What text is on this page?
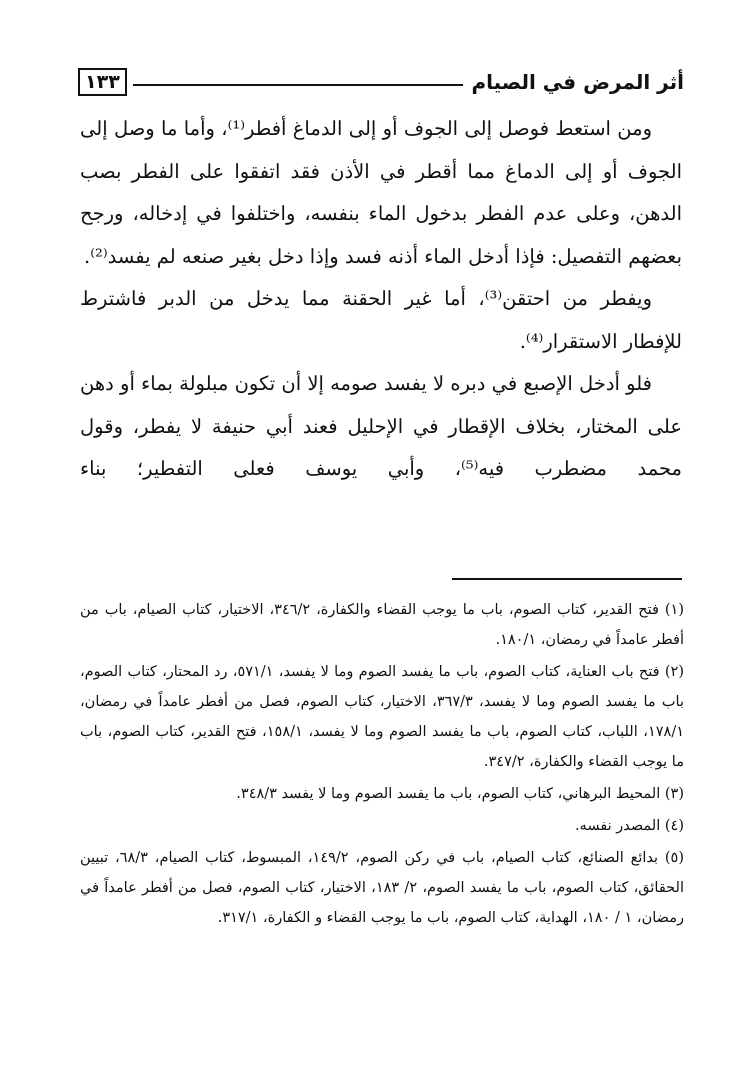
أثر المرض في الصيام
١٣٣

ومن استعط فوصل إلى الجوف أو إلى الدماغ أفطر⁽¹⁾، وأما ما وصل إلى الجوف أو إلى الدماغ مما أقطر في الأذن فقد اتفقوا على الفطر بصب الدهن، وعلى عدم الفطر بدخول الماء بنفسه، واختلفوا في إدخاله، ورجح بعضهم التفصيل: فإذا أدخل الماء أذنه فسد وإذا دخل بغير صنعه لم يفسد⁽²⁾.

ويفطر من احتقن⁽³⁾، أما غير الحقنة مما يدخل من الدبر فاشترط للإفطار الاستقرار⁽⁴⁾.

فلو أدخل الإصبع في دبره لا يفسد صومه إلا أن تكون مبلولة بماء أو دهن على المختار، بخلاف الإقطار في الإحليل فعند أبي حنيفة لا يفطر، وقول محمد مضطرب فيه⁽⁵⁾، وأبي يوسف فعلى التفطير؛ بناء

(١) فتح القدير، كتاب الصوم، باب ما يوجب القضاء والكفارة، ٣٤٦/٢، الاختيار، كتاب الصيام، باب من أفطر عامداً في رمضان، ١٨٠/١.

(٢) فتح باب العناية، كتاب الصوم، باب ما يفسد الصوم وما لا يفسد، ٥٧١/١، رد المحتار، كتاب الصوم، باب ما يفسد الصوم وما لا يفسد، ٣٦٧/٣، الاختيار، كتاب الصوم، فصل من أفطر عامداً في رمضان، ١٧٨/١، اللباب، كتاب الصوم، باب ما يفسد الصوم وما لا يفسد، ١٥٨/١، فتح القدير، كتاب الصوم، باب ما يوجب القضاء والكفارة، ٣٤٧/٢.

(٣) المحيط البرهاني، كتاب الصوم، باب ما يفسد الصوم وما لا يفسد ٣٤٨/٣.

(٤) المصدر نفسه.

(٥) بدائع الصنائع، كتاب الصيام، باب في ركن الصوم، ١٤٩/٢، المبسوط، كتاب الصيام، ٦٨/٣، تبيين الحقائق، كتاب الصوم، باب ما يفسد الصوم، ٢/ ١٨٣، الاختيار، كتاب الصوم، فصل من أفطر عامداً في رمضان، ١ / ١٨٠، الهداية، كتاب الصوم، باب ما يوجب القضاء و الكفارة، ٣١٧/١.
